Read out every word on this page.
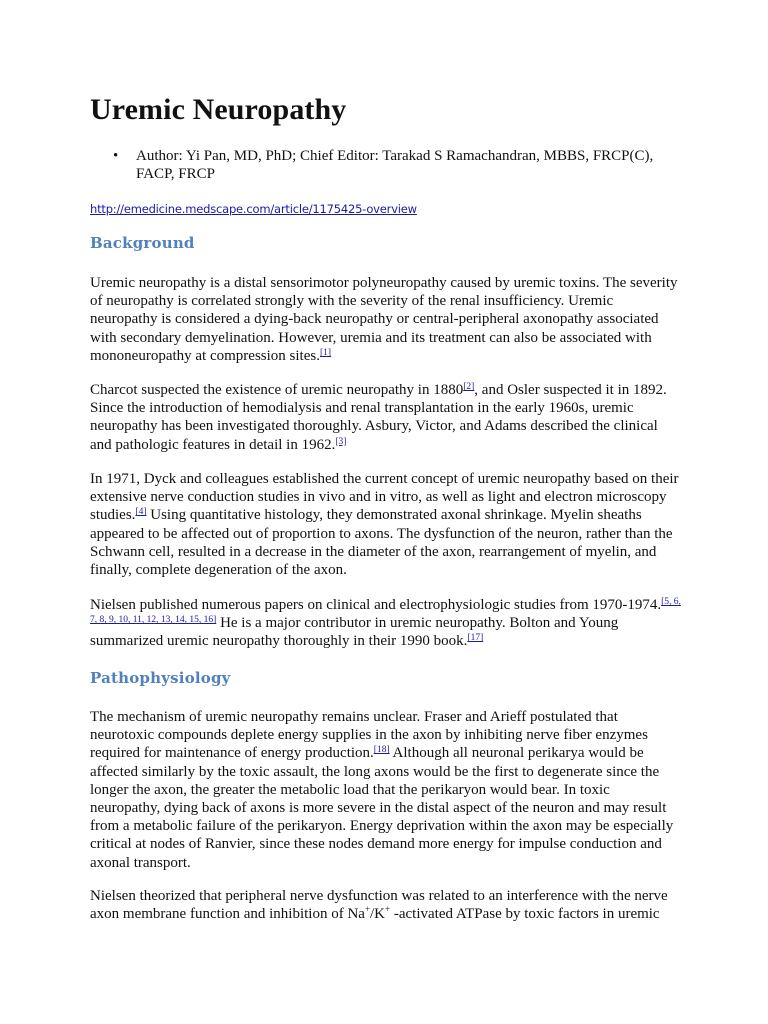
Uremic Neuropathy
• Author: Yi Pan, MD, PhD; Chief Editor: Tarakad S Ramachandran, MBBS, FRCP(C), FACP, FRCP
http://emedicine.medscape.com/article/1175425-overview
Background

Uremic neuropathy is a distal sensorimotor polyneuropathy caused by uremic toxins. The severity of neuropathy is correlated strongly with the severity of the renal insufficiency. Uremic neuropathy is considered a dying-back neuropathy or central-peripheral axonopathy associated with secondary demyelination. However, uremia and its treatment can also be associated with mononeuropathy at compression sites.[1]

Charcot suspected the existence of uremic neuropathy in 1880[2], and Osler suspected it in 1892. Since the introduction of hemodialysis and renal transplantation in the early 1960s, uremic neuropathy has been investigated thoroughly. Asbury, Victor, and Adams described the clinical and pathologic features in detail in 1962.[3]

In 1971, Dyck and colleagues established the current concept of uremic neuropathy based on their extensive nerve conduction studies in vivo and in vitro, as well as light and electron microscopy studies.[4] Using quantitative histology, they demonstrated axonal shrinkage. Myelin sheaths appeared to be affected out of proportion to axons. The dysfunction of the neuron, rather than the Schwann cell, resulted in a decrease in the diameter of the axon, rearrangement of myelin, and finally, complete degeneration of the axon.

Nielsen published numerous papers on clinical and electrophysiologic studies from 1970-1974.[5, 6, 7, 8, 9, 10, 11, 12, 13, 14, 15, 16] He is a major contributor in uremic neuropathy. Bolton and Young summarized uremic neuropathy thoroughly in their 1990 book.[17]

Pathophysiology

The mechanism of uremic neuropathy remains unclear. Fraser and Arieff postulated that neurotoxic compounds deplete energy supplies in the axon by inhibiting nerve fiber enzymes required for maintenance of energy production.[18] Although all neuronal perikarya would be affected similarly by the toxic assault, the long axons would be the first to degenerate since the longer the axon, the greater the metabolic load that the perikaryon would bear. In toxic neuropathy, dying back of axons is more severe in the distal aspect of the neuron and may result from a metabolic failure of the perikaryon. Energy deprivation within the axon may be especially critical at nodes of Ranvier, since these nodes demand more energy for impulse conduction and axonal transport.

Nielsen theorized that peripheral nerve dysfunction was related to an interference with the nerve axon membrane function and inhibition of Na+/K+ -activated ATPase by toxic factors in uremic
